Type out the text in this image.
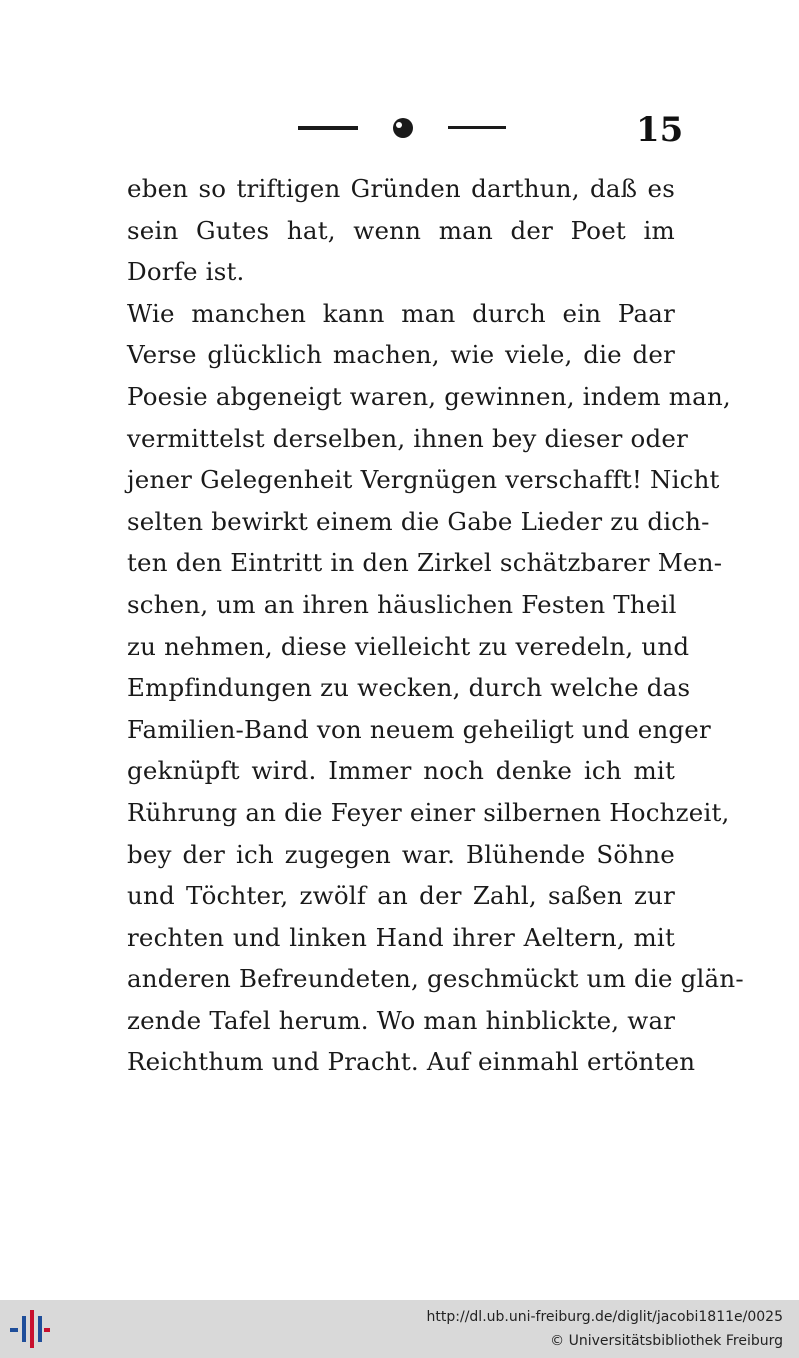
15
eben so triftigen Gründen darthun, daß es
sein Gutes hat, wenn man der Poet im
Dorfe ist.
Wie manchen kann man durch ein Paar
Verse glücklich machen, wie viele, die der
Poesie abgeneigt waren, gewinnen, indem man,
vermittelst derselben, ihnen bey dieser oder
jener Gelegenheit Vergnügen verschafft! Nicht
selten bewirkt einem die Gabe Lieder zu dich-
ten den Eintritt in den Zirkel schätzbarer Men-
schen, um an ihren häuslichen Festen Theil
zu nehmen, diese vielleicht zu veredeln, und
Empfindungen zu wecken, durch welche das
Familien-Band von neuem geheiligt und enger
geknüpft wird. Immer noch denke ich mit
Rührung an die Feyer einer silbernen Hochzeit,
bey der ich zugegen war. Blühende Söhne
und Töchter, zwölf an der Zahl, saßen zur
rechten und linken Hand ihrer Aeltern, mit
anderen Befreundeten, geschmückt um die glän-
zende Tafel herum. Wo man hinblickte, war
Reichthum und Pracht. Auf einmahl ertönten
http://dl.ub.uni-freiburg.de/diglit/jacobi1811e/0025
© Universitätsbibliothek Freiburg
